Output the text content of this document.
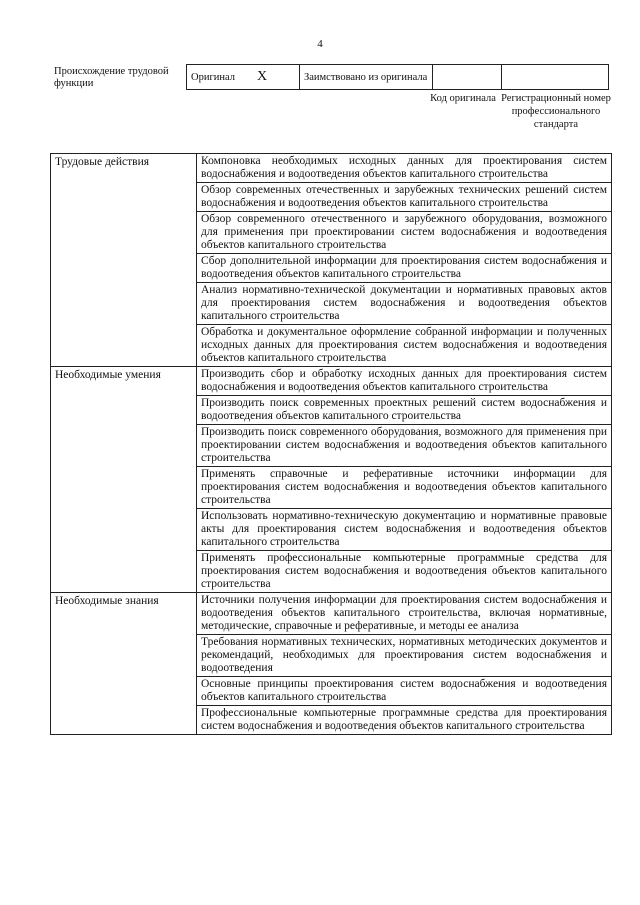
4
Происхождение трудовой функции
Оригинал X	Заимствовано из оригинала		
Код оригинала Регистрационный номер профессионального стандарта
Трудовые действия	Компоновка необходимых исходных данных для проектирования систем водоснабжения и водоотведения объектов капитального строительства
	Обзор современных отечественных и зарубежных технических решений систем водоснабжения и водоотведения объектов капитального строительства
	Обзор современного отечественного и зарубежного оборудования, возможного для применения при проектировании систем водоснабжения и водоотведения объектов капитального строительства
	Сбор дополнительной информации для проектирования систем водоснабжения и водоотведения объектов капитального строительства
	Анализ нормативно-технической документации и нормативных правовых актов для проектирования систем водоснабжения и водоотведения объектов капитального строительства
	Обработка и документальное оформление собранной информации и полученных исходных данных для проектирования систем водоснабжения и водоотведения объектов капитального строительства
Необходимые умения	Производить сбор и обработку исходных данных для проектирования систем водоснабжения и водоотведения объектов капитального строительства
	Производить поиск современных проектных решений систем водоснабжения и водоотведения объектов капитального строительства
	Производить поиск современного оборудования, возможного для применения при проектировании систем водоснабжения и водоотведения объектов капитального строительства
	Применять справочные и реферативные источники информации для проектирования систем водоснабжения и водоотведения объектов капитального строительства
	Использовать нормативно-техническую документацию и нормативные правовые акты для проектирования систем водоснабжения и водоотведения объектов капитального строительства
	Применять профессиональные компьютерные программные средства для проектирования систем водоснабжения и водоотведения объектов капитального строительства
Необходимые знания	Источники получения информации для проектирования систем водоснабжения и водоотведения объектов капитального строительства, включая нормативные, методические, справочные и реферативные, и методы ее анализа
	Требования нормативных технических, нормативных методических документов и рекомендаций, необходимых для проектирования систем водоснабжения и водоотведения
	Основные принципы проектирования систем водоснабжения и водоотведения объектов капитального строительства
	Профессиональные компьютерные программные средства для проектирования систем водоснабжения и водоотведения объектов капитального строительства
